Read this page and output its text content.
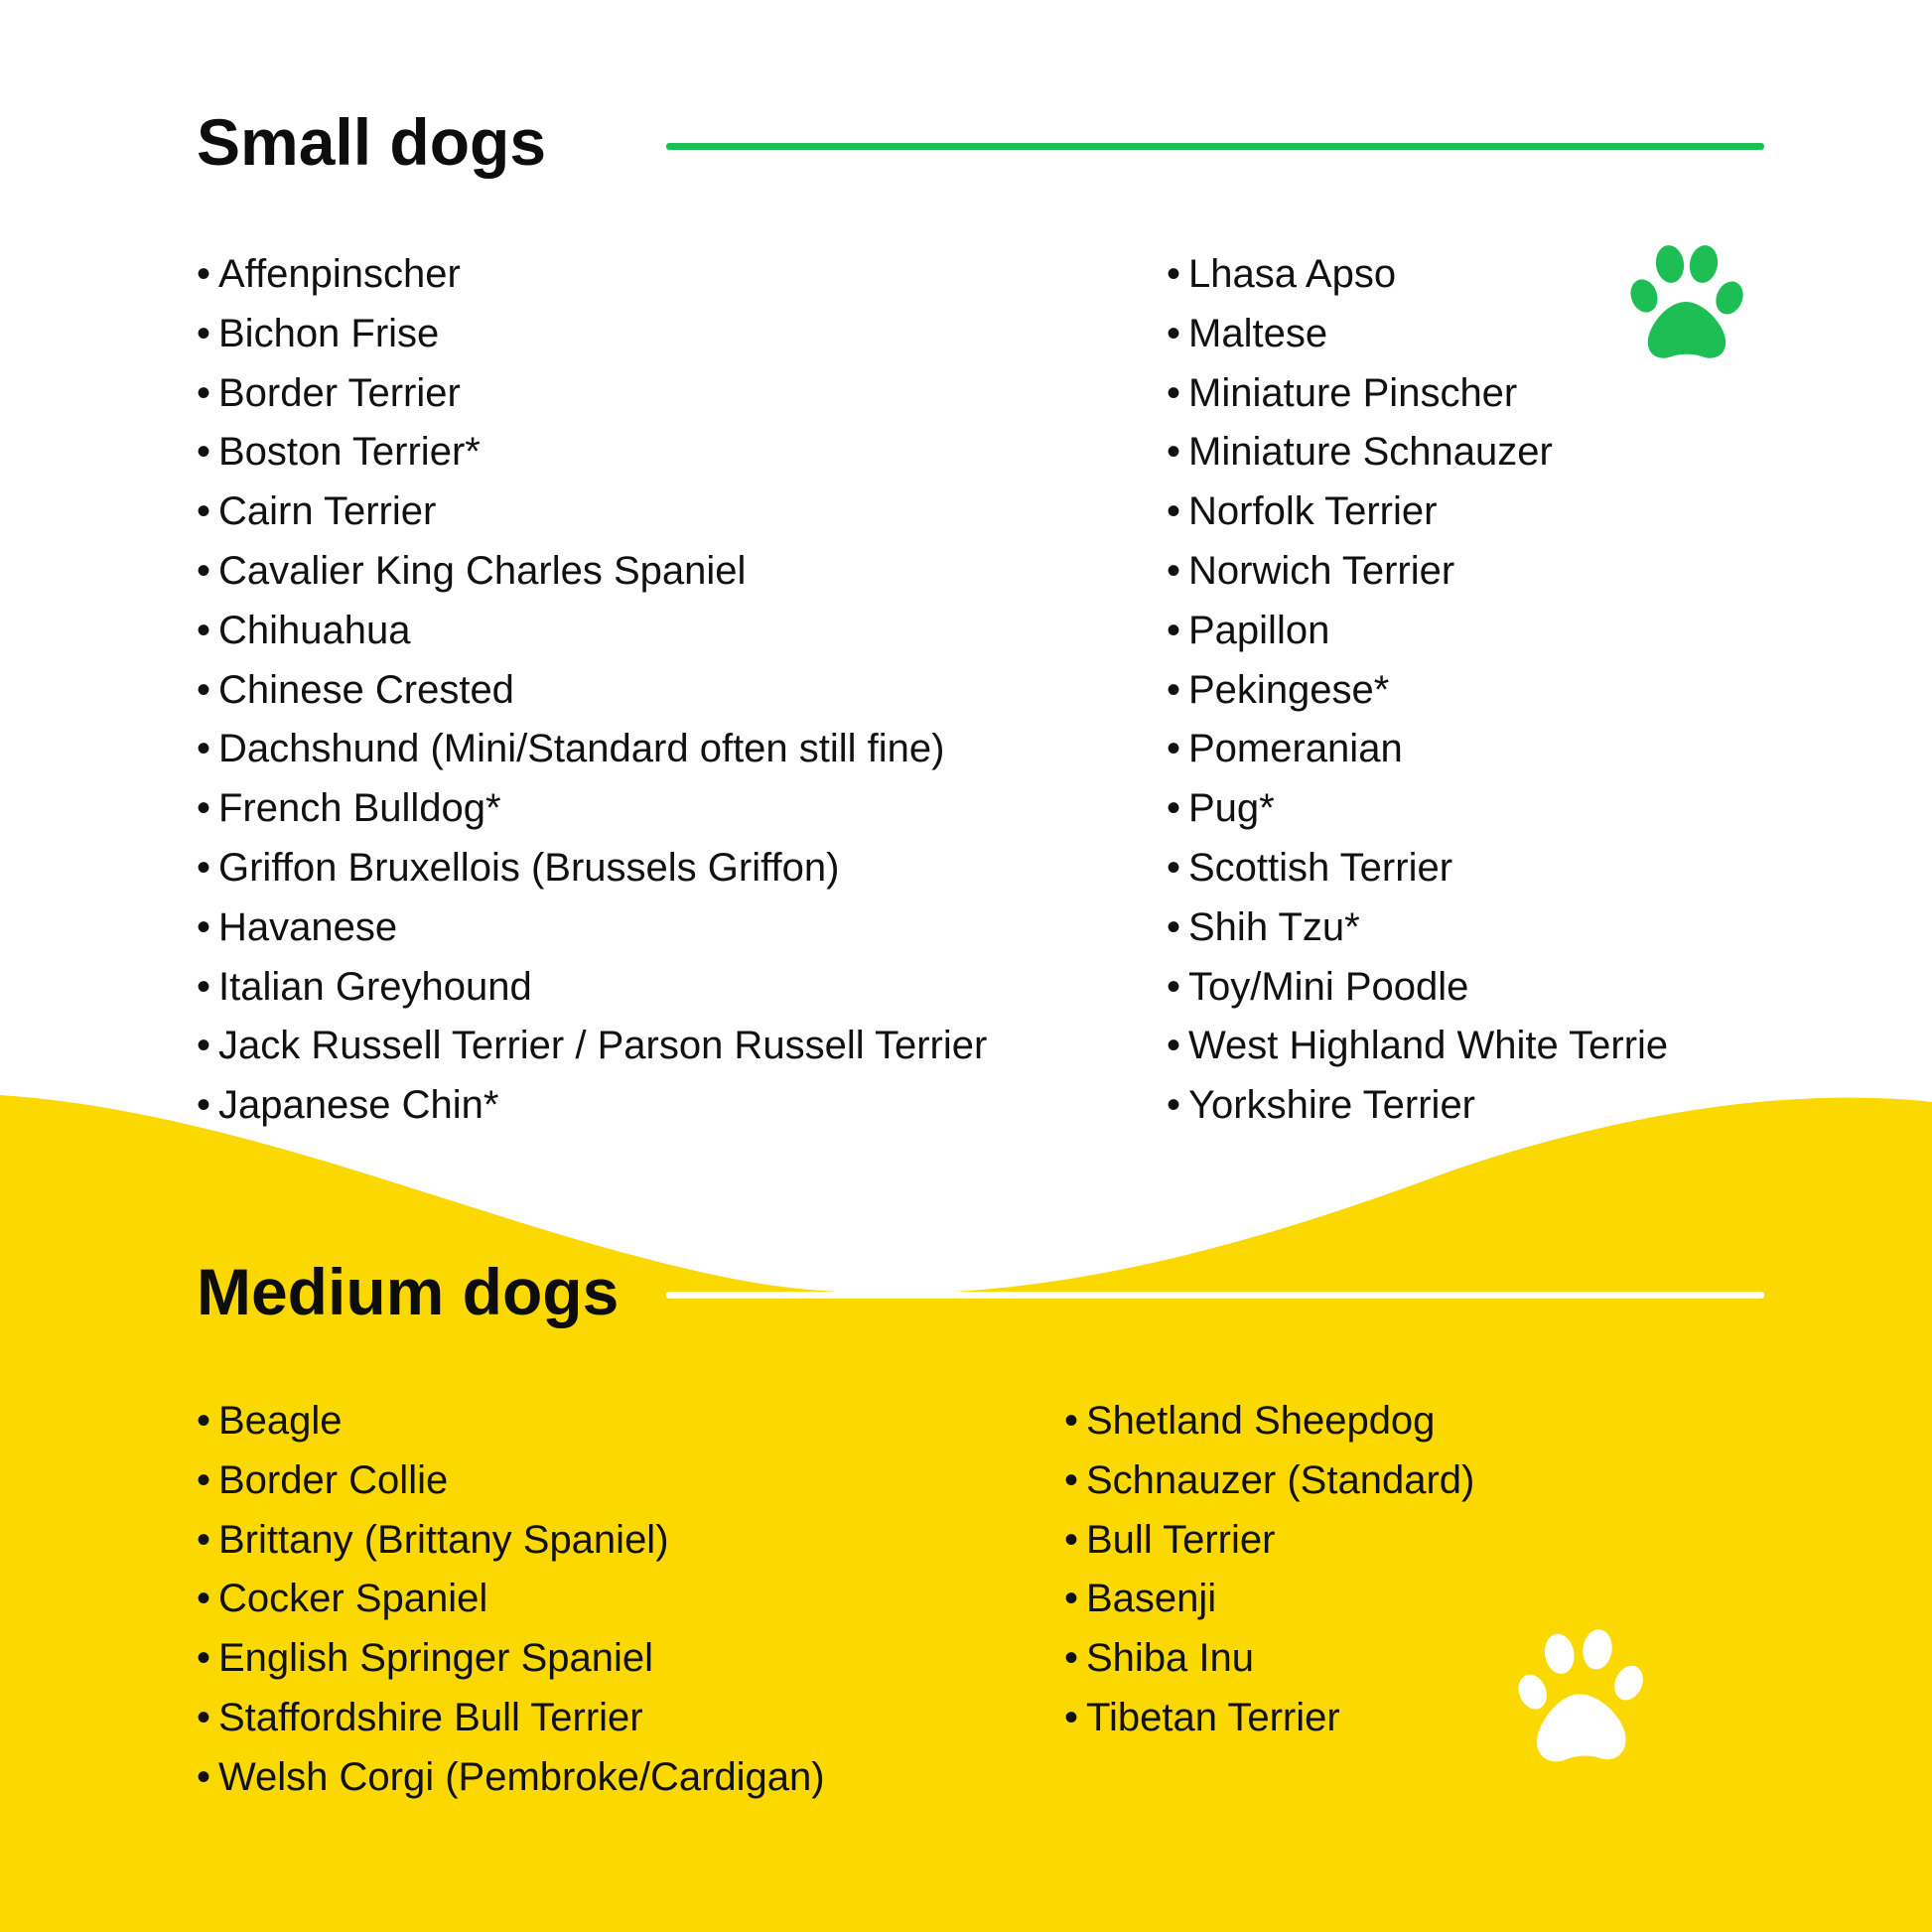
Small dogs
• Affenpinscher
• Bichon Frise
• Border Terrier
• Boston Terrier*
• Cairn Terrier
• Cavalier King Charles Spaniel
• Chihuahua
• Chinese Crested
• Dachshund (Mini/Standard often still fine)
• French Bulldog*
• Griffon Bruxellois (Brussels Griffon)
• Havanese
• Italian Greyhound
• Jack Russell Terrier / Parson Russell Terrier
• Japanese Chin*
• Lhasa Apso
• Maltese
• Miniature Pinscher
• Miniature Schnauzer
• Norfolk Terrier
• Norwich Terrier
• Papillon
• Pekingese*
• Pomeranian
• Pug*
• Scottish Terrier
• Shih Tzu*
• Toy/Mini Poodle
• West Highland White Terrie
• Yorkshire Terrier
Medium dogs
• Beagle
• Border Collie
• Brittany (Brittany Spaniel)
• Cocker Spaniel
• English Springer Spaniel
• Staffordshire Bull Terrier
• Welsh Corgi (Pembroke/Cardigan)
• Shetland Sheepdog
• Schnauzer (Standard)
• Bull Terrier
• Basenji
• Shiba Inu
• Tibetan Terrier
